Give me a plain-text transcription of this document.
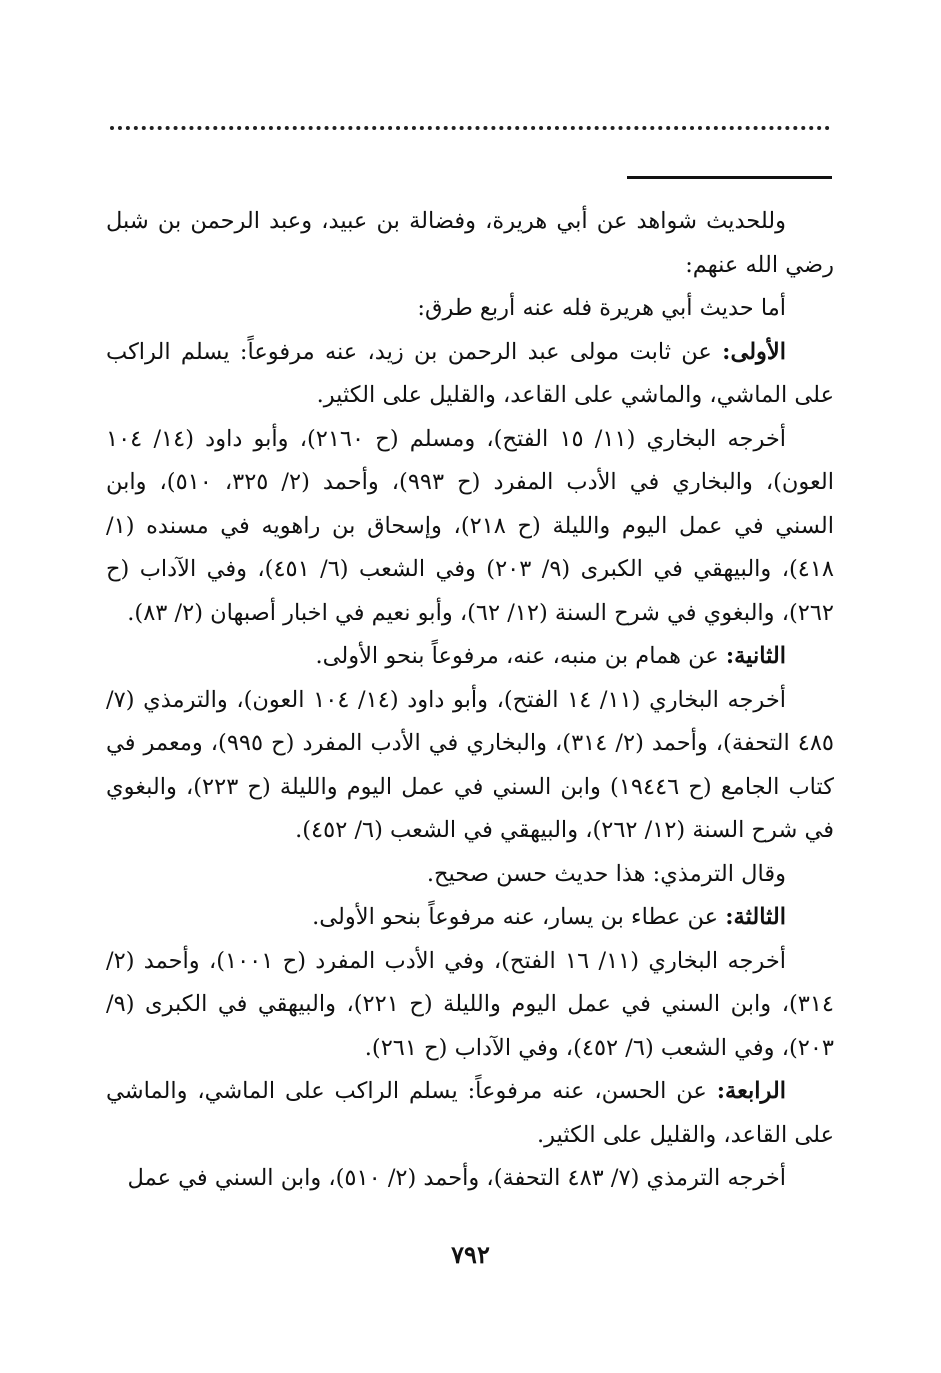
وللحديث شواهد عن أبي هريرة، وفضالة بن عبيد، وعبد الرحمن بن شبل رضي الله عنهم:

أما حديث أبي هريرة فله عنه أربع طرق:

الأولى: عن ثابت مولى عبد الرحمن بن زيد، عنه مرفوعاً: يسلم الراكب على الماشي، والماشي على القاعد، والقليل على الكثير.

أخرجه البخاري (١١/ ١٥ الفتح)، ومسلم (ح ٢١٦٠)، وأبو داود (١٤/ ١٠٤ العون)، والبخاري في الأدب المفرد (ح ٩٩٣)، وأحمد (٢/ ٣٢٥، ٥١٠)، وابن السني في عمل اليوم والليلة (ح ٢١٨)، وإسحاق بن راهويه في مسنده (١/ ٤١٨)، والبيهقي في الكبرى (٩/ ٢٠٣) وفي الشعب (٦/ ٤٥١)، وفي الآداب (ح ٢٦٢)، والبغوي في شرح السنة (١٢/ ٦٢)، وأبو نعيم في اخبار أصبهان (٢/ ٨٣).

الثانية: عن همام بن منبه، عنه، مرفوعاً بنحو الأولى.

أخرجه البخاري (١١/ ١٤ الفتح)، وأبو داود (١٤/ ١٠٤ العون)، والترمذي (٧/ ٤٨٥ التحفة)، وأحمد (٢/ ٣١٤)، والبخاري في الأدب المفرد (ح ٩٩٥)، ومعمر في كتاب الجامع (ح ١٩٤٤٦) وابن السني في عمل اليوم والليلة (ح ٢٢٣)، والبغوي في شرح السنة (١٢/ ٢٦٢)، والبيهقي في الشعب (٦/ ٤٥٢).

وقال الترمذي: هذا حديث حسن صحيح.

الثالثة: عن عطاء بن يسار، عنه مرفوعاً بنحو الأولى.

أخرجه البخاري (١١/ ١٦ الفتح)، وفي الأدب المفرد (ح ١٠٠١)، وأحمد (٢/ ٣١٤)، وابن السني في عمل اليوم والليلة (ح ٢٢١)، والبيهقي في الكبرى (٩/ ٢٠٣)، وفي الشعب (٦/ ٤٥٢)، وفي الآداب (ح ٢٦١).

الرابعة: عن الحسن، عنه مرفوعاً: يسلم الراكب على الماشي، والماشي على القاعد، والقليل على الكثير.

أخرجه الترمذي (٧/ ٤٨٣ التحفة)، وأحمد (٢/ ٥١٠)، وابن السني في عمل

٧٩٢
